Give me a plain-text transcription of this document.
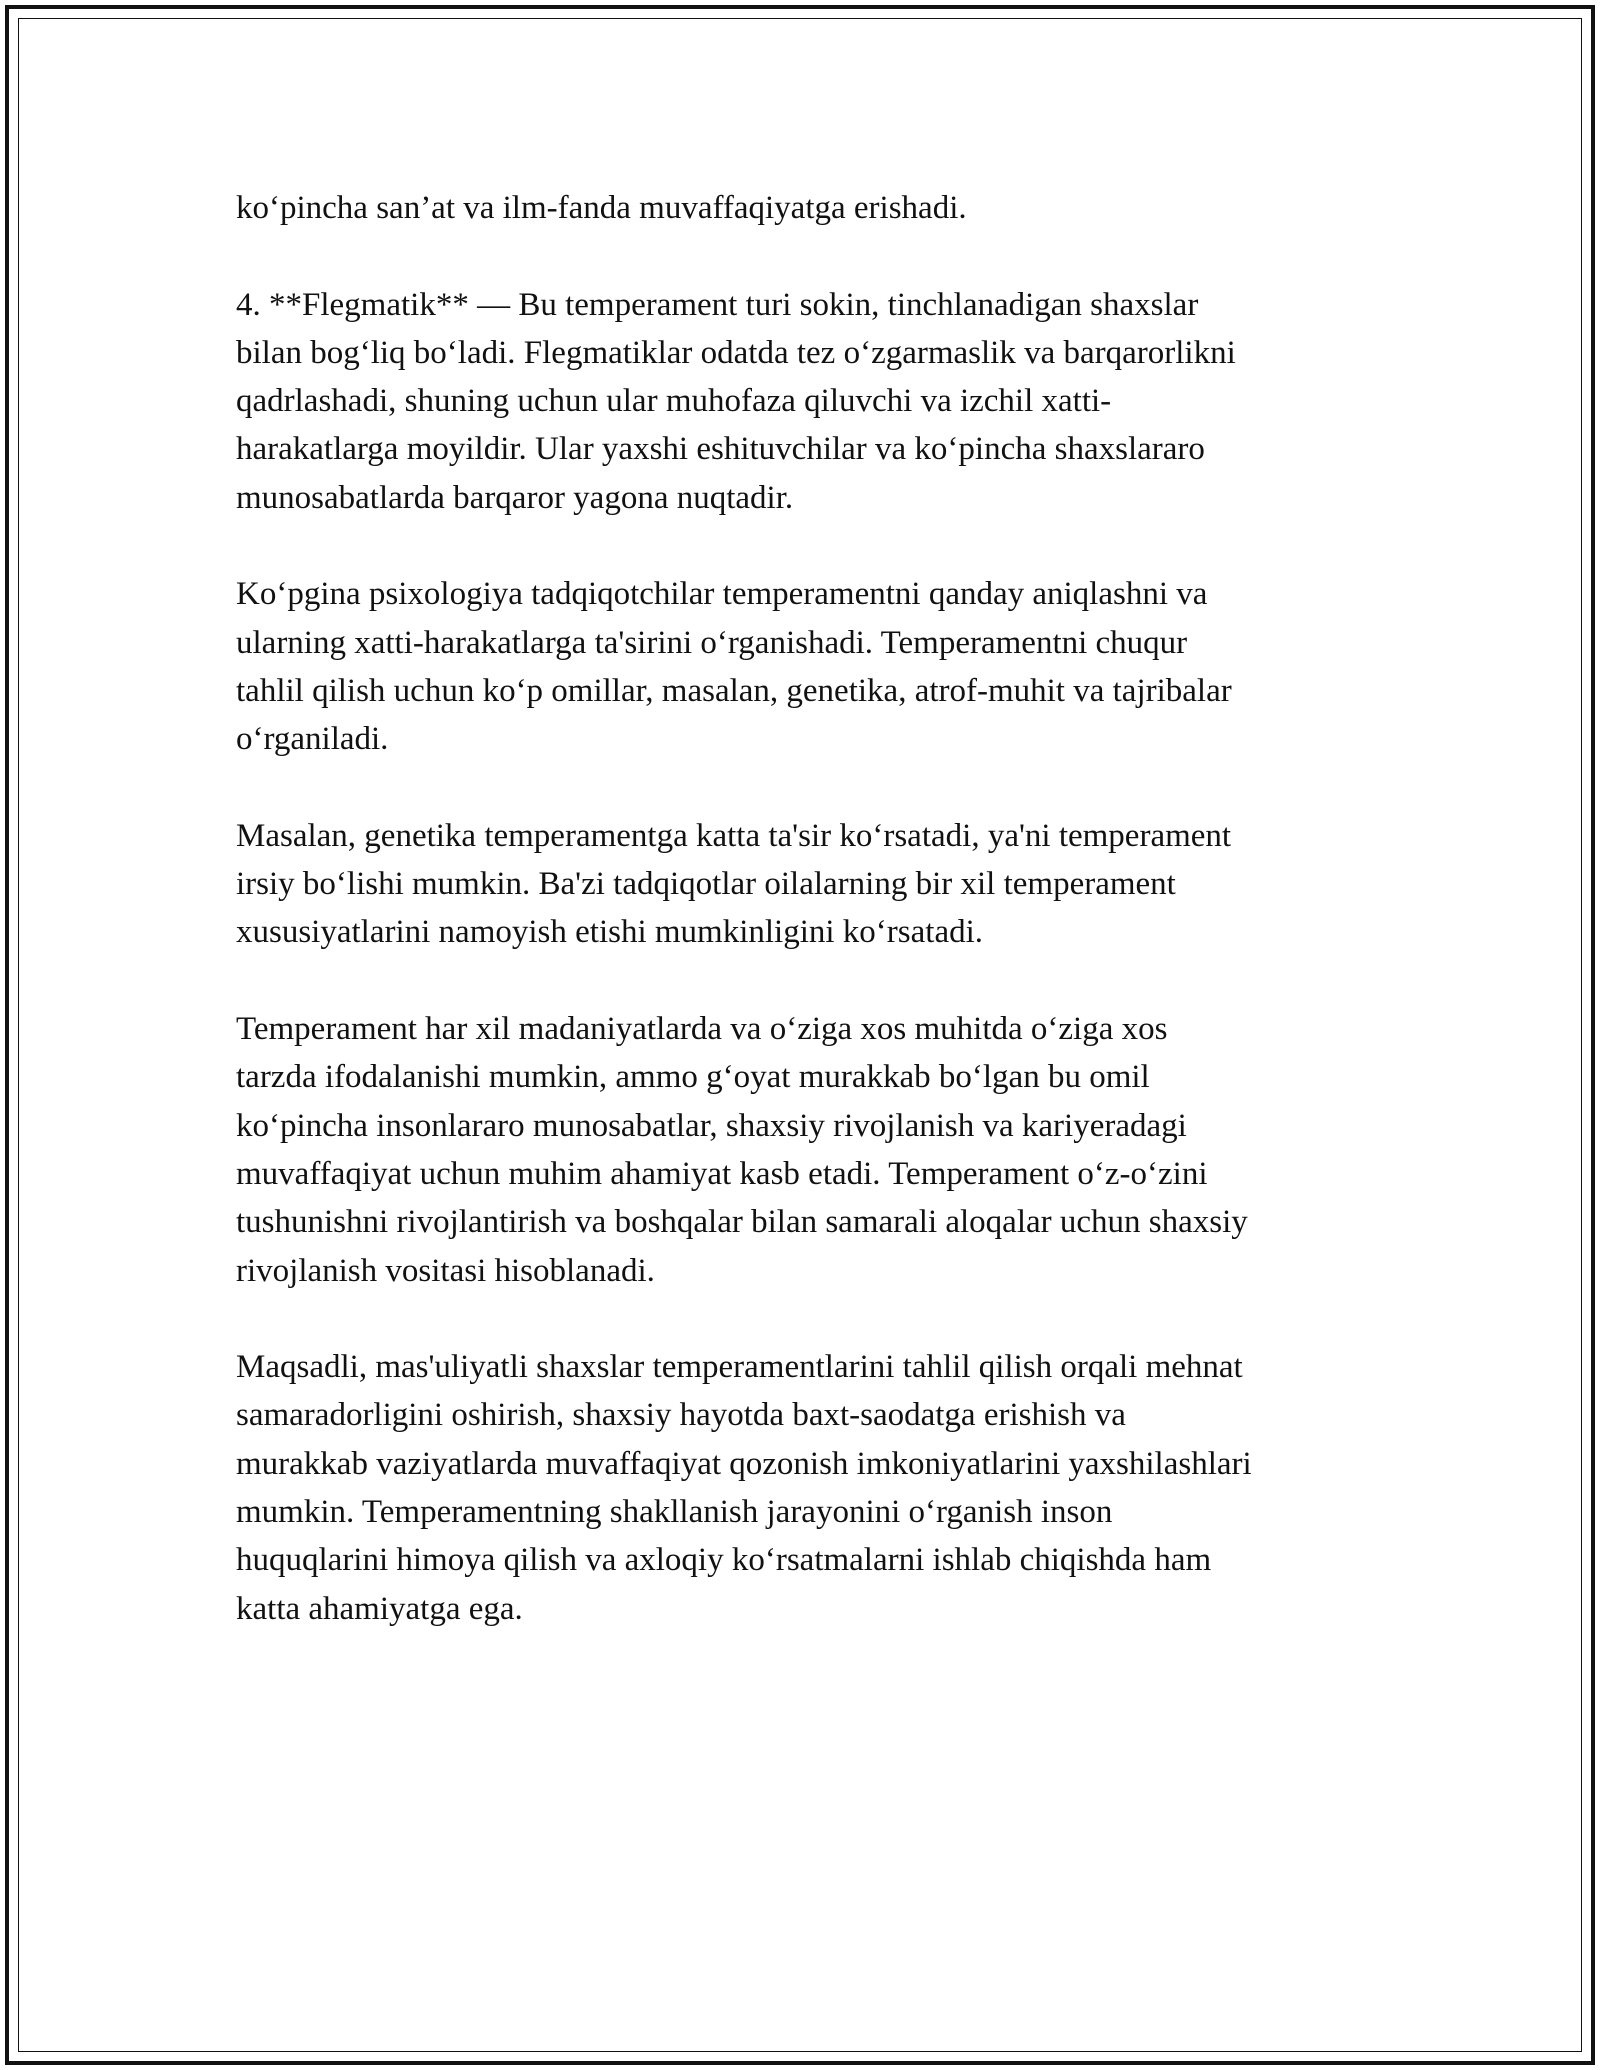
ko‘pincha san’at va ilm-fanda muvaffaqiyatga erishadi.

4. **Flegmatik** — Bu temperament turi sokin, tinchlanadigan shaxslar
bilan bog‘liq bo‘ladi. Flegmatiklar odatda tez o‘zgarmaslik va barqarorlikni
qadrlashadi, shuning uchun ular muhofaza qiluvchi va izchil xatti-
harakatlarga moyildir. Ular yaxshi eshituvchilar va ko‘pincha shaxslararo
munosabatlarda barqaror yagona nuqtadir.

Ko‘pgina psixologiya tadqiqotchilar temperamentni qanday aniqlashni va
ularning xatti-harakatlarga ta'sirini o‘rganishadi. Temperamentni chuqur
tahlil qilish uchun ko‘p omillar, masalan, genetika, atrof-muhit va tajribalar
o‘rganiladi.

Masalan, genetika temperamentga katta ta'sir ko‘rsatadi, ya'ni temperament
irsiy bo‘lishi mumkin. Ba'zi tadqiqotlar oilalarning bir xil temperament
xususiyatlarini namoyish etishi mumkinligini ko‘rsatadi.

Temperament har xil madaniyatlarda va o‘ziga xos muhitda o‘ziga xos
tarzda ifodalanishi mumkin, ammo g‘oyat murakkab bo‘lgan bu omil
ko‘pincha insonlararo munosabatlar, shaxsiy rivojlanish va kariyeradagi
muvaffaqiyat uchun muhim ahamiyat kasb etadi. Temperament o‘z-o‘zini
tushunishni rivojlantirish va boshqalar bilan samarali aloqalar uchun shaxsiy
rivojlanish vositasi hisoblanadi.

Maqsadli, mas'uliyatli shaxslar temperamentlarini tahlil qilish orqali mehnat
samaradorligini oshirish, shaxsiy hayotda baxt-saodatga erishish va
murakkab vaziyatlarda muvaffaqiyat qozonish imkoniyatlarini yaxshilashlari
mumkin. Temperamentning shakllanish jarayonini o‘rganish inson
huquqlarini himoya qilish va axloqiy ko‘rsatmalarni ishlab chiqishda ham
katta ahamiyatga ega.
